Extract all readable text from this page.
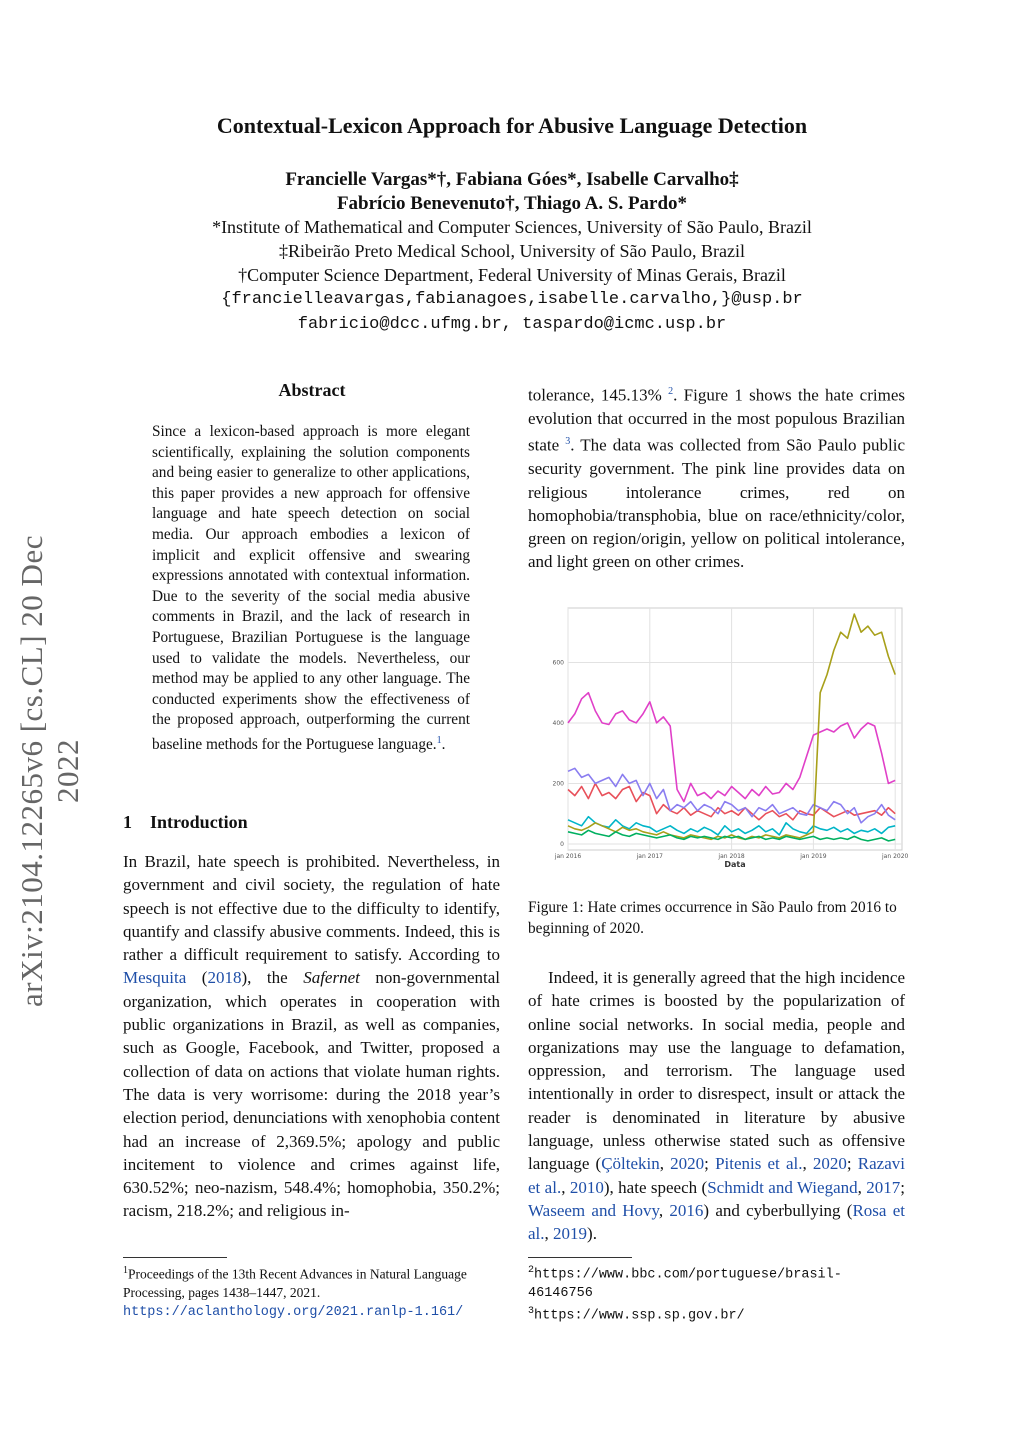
arXiv:2104.12265v6 [cs.CL] 20 Dec 2022
Contextual-Lexicon Approach for Abusive Language Detection
Francielle Vargas*†, Fabiana Góes*, Isabelle Carvalho‡
Fabrício Benevenuto†, Thiago A. S. Pardo*
*Institute of Mathematical and Computer Sciences, University of São Paulo, Brazil
‡Ribeirão Preto Medical School, University of São Paulo, Brazil
†Computer Science Department, Federal University of Minas Gerais, Brazil
{francielleavargas,fabianagoes,isabelle.carvalho,}@usp.br
fabricio@dcc.ufmg.br, taspardo@icmc.usp.br
Abstract
Since a lexicon-based approach is more elegant scientifically, explaining the solution components and being easier to generalize to other applications, this paper provides a new approach for offensive language and hate speech detection on social media. Our approach embodies a lexicon of implicit and explicit offensive and swearing expressions annotated with contextual information. Due to the severity of the social media abusive comments in Brazil, and the lack of research in Portuguese, Brazilian Portuguese is the language used to validate the models. Nevertheless, our method may be applied to any other language. The conducted experiments show the effectiveness of the proposed approach, outperforming the current baseline methods for the Portuguese language.$^1$.
1 Introduction
In Brazil, hate speech is prohibited. Nevertheless, in government and civil society, the regulation of hate speech is not effective due to the difficulty to identify, quantify and classify abusive comments. Indeed, this is rather a difficult requirement to satisfy. According to Mesquita (2018), the Safernet non-governmental organization, which operates in cooperation with public organizations in Brazil, as well as companies, such as Google, Facebook, and Twitter, proposed a collection of data on actions that violate human rights. The data is very worrisome: during the 2018 year’s election period, denunciations with xenophobia content had an increase of 2,369.5%; apology and public incitement to violence and crimes against life, 630.52%; neo-nazism, 548.4%; homophobia, 350.2%; racism, 218.2%; and religious in-
tolerance, 145.13% $^2$. Figure 1 shows the hate crimes evolution that occurred in the most populous Brazilian state $^3$. The data was collected from São Paulo public security government. The pink line provides data on religious intolerance crimes, red on homophobia/transphobia, blue on race/ethnicity/color, green on region/origin, yellow on political intolerance, and light green on other crimes.
0
200
400
600
jan 2016	jan 2017	jan 2018	jan 2019	jan 2020
Data
Figure 1: Hate crimes occurrence in São Paulo from 2016 to beginning of 2020.
Indeed, it is generally agreed that the high incidence of hate crimes is boosted by the popularization of online social networks. In social media, people and organizations may use the language to defamation, oppression, and terrorism. The language used intentionally in order to disrespect, insult or attack the reader is denominated in literature by abusive language, unless otherwise stated such as offensive language (Çöltekin, 2020; Pitenis et al., 2020; Razavi et al., 2010), hate speech (Schmidt and Wiegand, 2017; Waseem and Hovy, 2016) and cyberbullying (Rosa et al., 2019).
$^1$Proceedings of the 13th Recent Advances in Natural Language Processing, pages 1438–1447, 2021. https://aclanthology.org/2021.ranlp-1.161/
$^2$https://www.bbc.com/portuguese/brasil-46146756
$^3$https://www.ssp.sp.gov.br/
